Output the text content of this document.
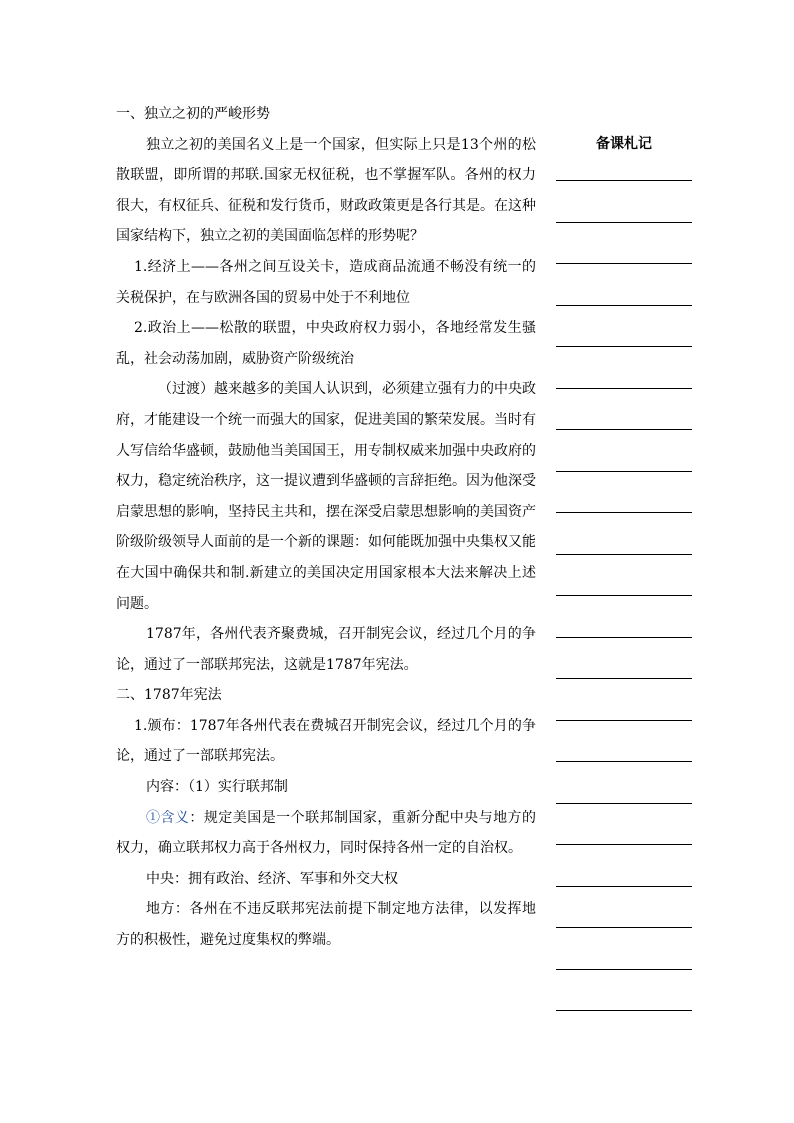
一、独立之初的严峻形势

独立之初的美国名义上是一个国家，但实际上只是13个州的松散联盟，即所谓的邦联.国家无权征税，也不掌握军队。各州的权力很大，有权征兵、征税和发行货币，财政政策更是各行其是。在这种国家结构下，独立之初的美国面临怎样的形势呢？

1.经济上——各州之间互设关卡，造成商品流通不畅没有统一的关税保护，在与欧洲各国的贸易中处于不利地位

2.政治上——松散的联盟，中央政府权力弱小，各地经常发生骚乱，社会动荡加剧，威胁资产阶级统治

（过渡）越来越多的美国人认识到，必须建立强有力的中央政府，才能建设一个统一而强大的国家，促进美国的繁荣发展。当时有人写信给华盛顿，鼓励他当美国国王，用专制权威来加强中央政府的权力，稳定统治秩序，这一提议遭到华盛顿的言辞拒绝。因为他深受启蒙思想的影响，坚持民主共和，摆在深受启蒙思想影响的美国资产阶级阶级领导人面前的是一个新的课题：如何能既加强中央集权又能在大国中确保共和制.新建立的美国决定用国家根本大法来解决上述问题。

1787年，各州代表齐聚费城，召开制宪会议，经过几个月的争论，通过了一部联邦宪法，这就是1787年宪法。

二、1787年宪法

1.颁布：1787年各州代表在费城召开制宪会议，经过几个月的争论，通过了一部联邦宪法。

内容：（1）实行联邦制

①含义：规定美国是一个联邦制国家，重新分配中央与地方的权力，确立联邦权力高于各州权力，同时保持各州一定的自治权。

中央：拥有政治、经济、军事和外交大权

地方：各州在不违反联邦宪法前提下制定地方法律，以发挥地方的积极性，避免过度集权的弊端。

备课札记
